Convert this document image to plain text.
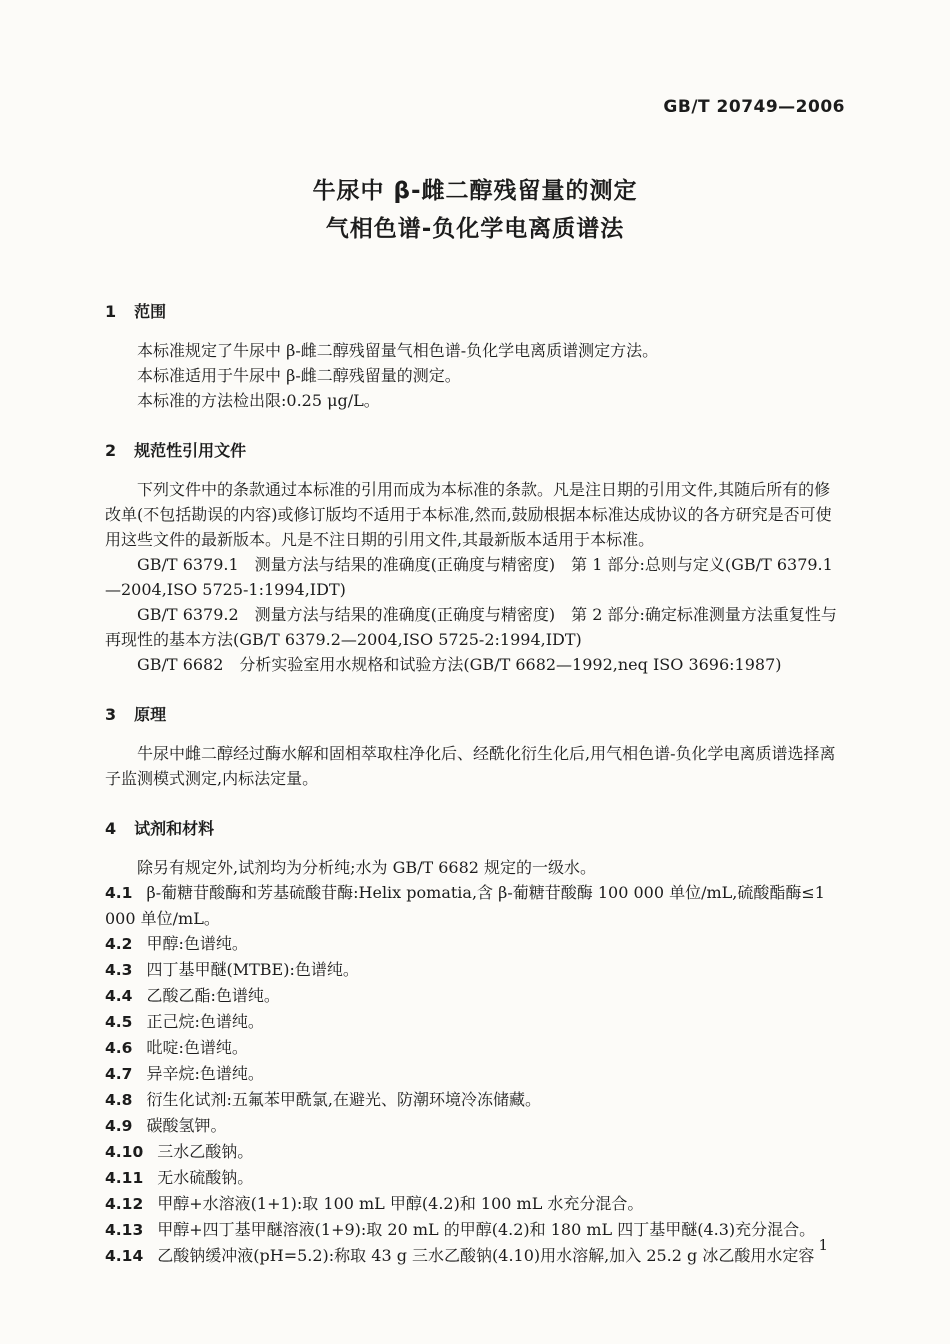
GB/T 20749—2006
牛尿中 β-雌二醇残留量的测定
气相色谱-负化学电离质谱法
1 范围

本标准规定了牛尿中 β-雌二醇残留量气相色谱-负化学电离质谱测定方法。

本标准适用于牛尿中 β-雌二醇残留量的测定。

本标准的方法检出限:0.25 μg/L。

2 规范性引用文件

下列文件中的条款通过本标准的引用而成为本标准的条款。凡是注日期的引用文件,其随后所有的修改单(不包括勘误的内容)或修订版均不适用于本标准,然而,鼓励根据本标准达成协议的各方研究是否可使用这些文件的最新版本。凡是不注日期的引用文件,其最新版本适用于本标准。

GB/T 6379.1　测量方法与结果的准确度(正确度与精密度)　第 1 部分:总则与定义(GB/T 6379.1—2004,ISO 5725-1:1994,IDT)

GB/T 6379.2　测量方法与结果的准确度(正确度与精密度)　第 2 部分:确定标准测量方法重复性与再现性的基本方法(GB/T 6379.2—2004,ISO 5725-2:1994,IDT)

GB/T 6682　分析实验室用水规格和试验方法(GB/T 6682—1992,neq ISO 3696:1987)

3 原理

牛尿中雌二醇经过酶水解和固相萃取柱净化后、经酰化衍生化后,用气相色谱-负化学电离质谱选择离子监测模式测定,内标法定量。

4 试剂和材料

除另有规定外,试剂均为分析纯;水为 GB/T 6682 规定的一级水。

4.1 β-葡糖苷酸酶和芳基硫酸苷酶:Helix pomatia,含 β-葡糖苷酸酶 100 000 单位/mL,硫酸酯酶≤1 000 单位/mL。

4.2 甲醇:色谱纯。

4.3 四丁基甲醚(MTBE):色谱纯。

4.4 乙酸乙酯:色谱纯。

4.5 正己烷:色谱纯。

4.6 吡啶:色谱纯。

4.7 异辛烷:色谱纯。

4.8 衍生化试剂:五氟苯甲酰氯,在避光、防潮环境冷冻储藏。

4.9 碳酸氢钾。

4.10 三水乙酸钠。

4.11 无水硫酸钠。

4.12 甲醇+水溶液(1+1):取 100 mL 甲醇(4.2)和 100 mL 水充分混合。

4.13 甲醇+四丁基甲醚溶液(1+9):取 20 mL 的甲醇(4.2)和 180 mL 四丁基甲醚(4.3)充分混合。

4.14 乙酸钠缓冲液(pH=5.2):称取 43 g 三水乙酸钠(4.10)用水溶解,加入 25.2 g 冰乙酸用水定容

1
